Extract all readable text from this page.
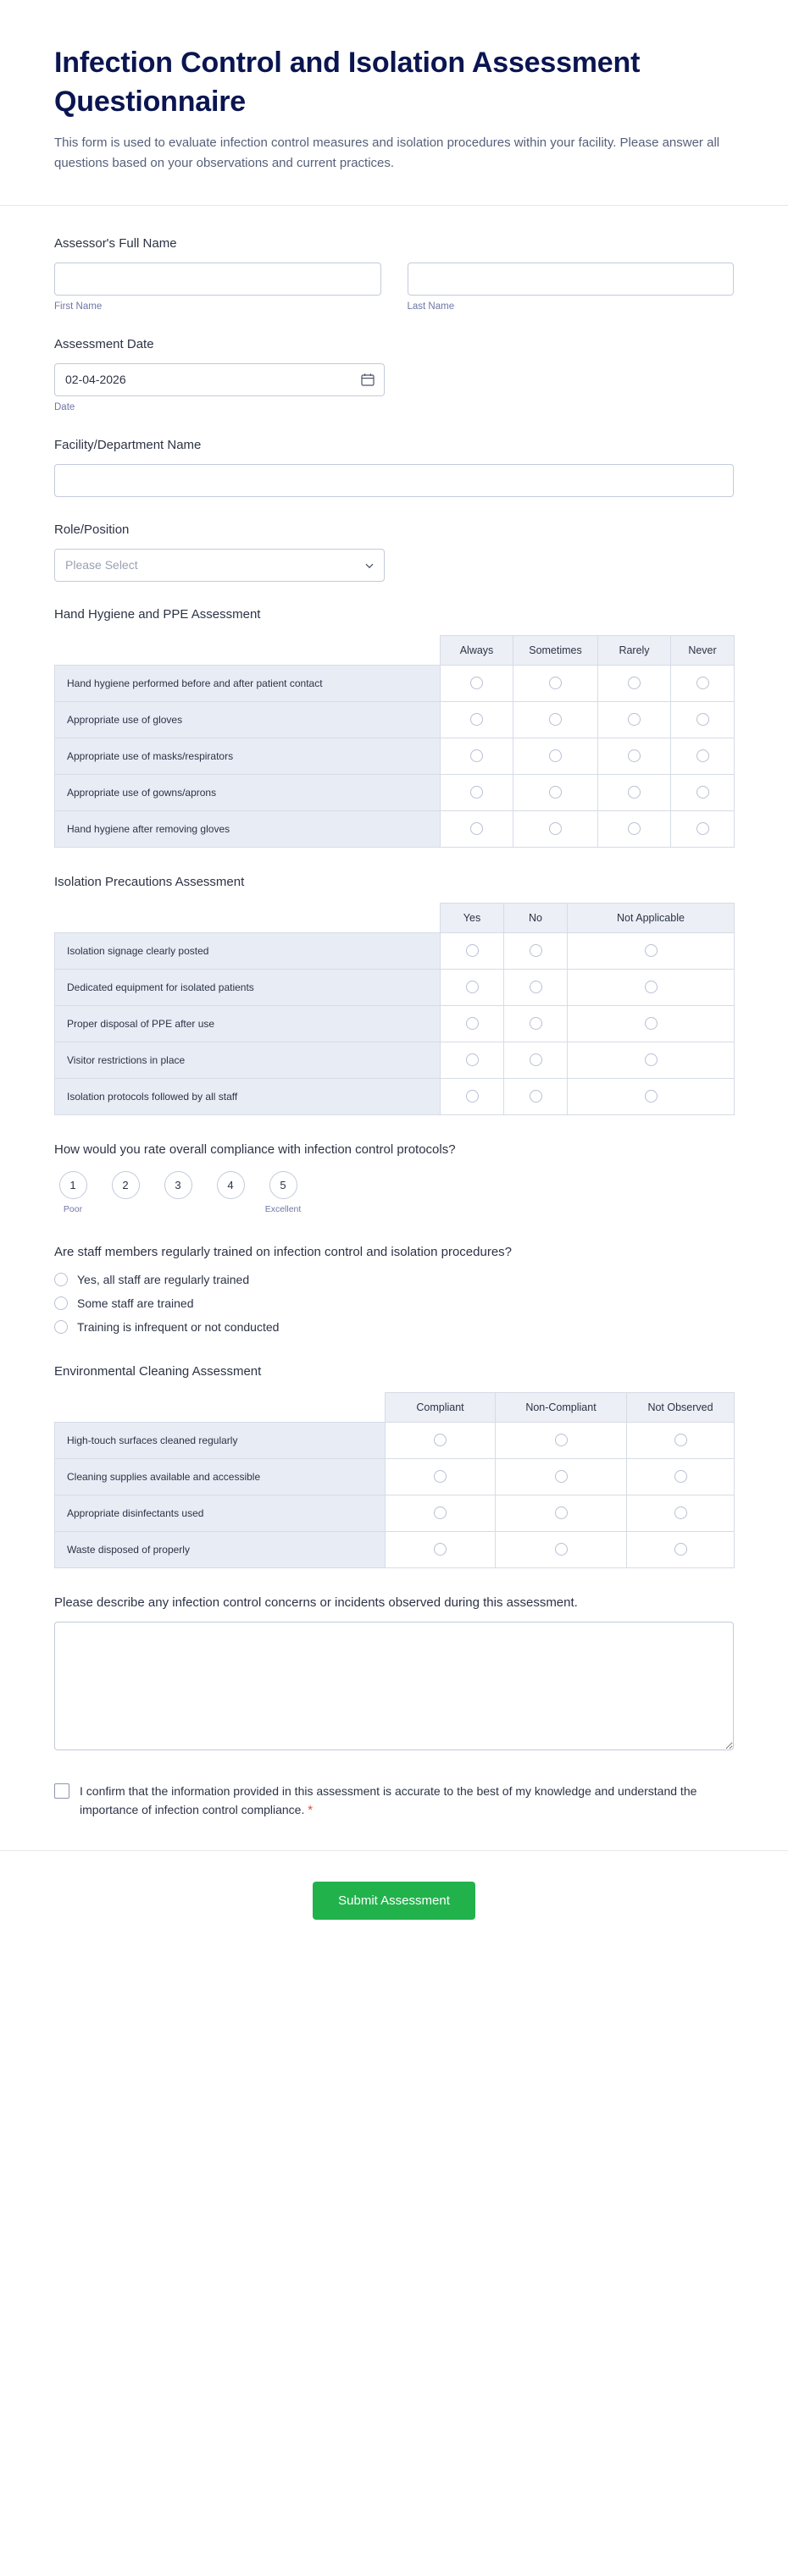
Infection Control and Isolation Assessment Questionnaire

This form is used to evaluate infection control measures and isolation procedures within your facility. Please answer all questions based on your observations and current practices.

Assessor's Full Name
First Name	Last Name
Assessment Date
02-04-2026
Date
Facility/Department Name
Role/Position
Please Select
Hand Hygiene and PPE Assessment
	Always	Sometimes	Rarely	Never
Hand hygiene performed before and after patient contact				
Appropriate use of gloves				
Appropriate use of masks/respirators				
Appropriate use of gowns/aprons				
Hand hygiene after removing gloves				
Isolation Precautions Assessment
	Yes	No	Not Applicable
Isolation signage clearly posted			
Dedicated equipment for isolated patients			
Proper disposal of PPE after use			
Visitor restrictions in place			
Isolation protocols followed by all staff			
How would you rate overall compliance with infection control protocols?
1
Poor
2	3	4	5
Excellent
Are staff members regularly trained on infection control and isolation procedures?
Yes, all staff are regularly trained
Some staff are trained
Training is infrequent or not conducted
Environmental Cleaning Assessment
	Compliant	Non-Compliant	Not Observed
High-touch surfaces cleaned regularly			
Cleaning supplies available and accessible			
Appropriate disinfectants used			
Waste disposed of properly			
Please describe any infection control concerns or incidents observed during this assessment.
I confirm that the information provided in this assessment is accurate to the best of my knowledge and understand the importance of infection control compliance. *
Submit Assessment
